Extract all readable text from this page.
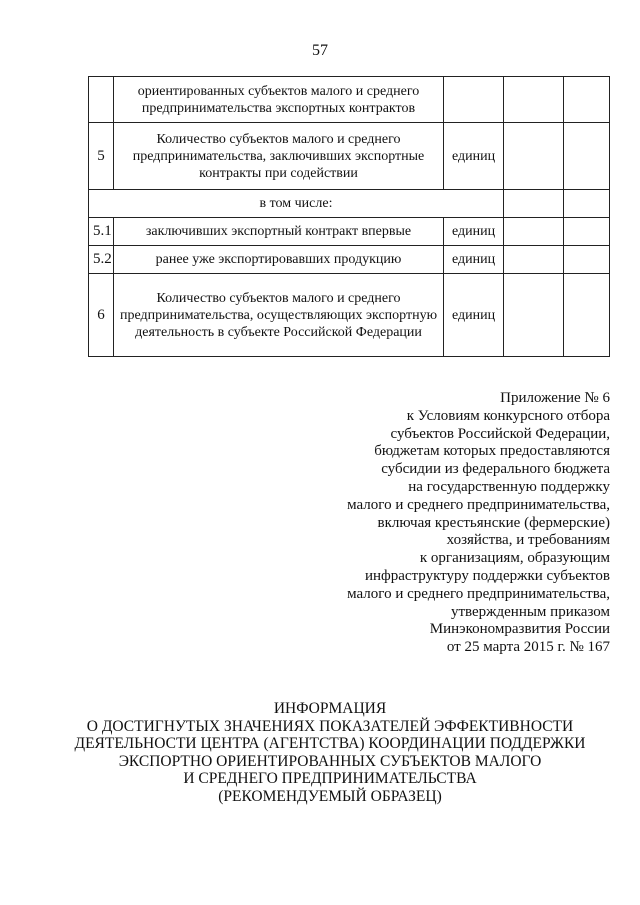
57
	ориентированных субъектов малого и среднего предпринимательства экспортных контрактов			
5	Количество субъектов малого и среднего предпринимательства, заключивших экспортные контракты при содействии	единиц		
в том числе:				
5.1	заключивших экспортный контракт впервые	единиц		
5.2	ранее уже экспортировавших продукцию	единиц		
6	Количество субъектов малого и среднего предпринимательства, осуществляющих экспортную деятельность в субъекте Российской Федерации	единиц		
Приложение № 6
к Условиям конкурсного отбора
субъектов Российской Федерации,
бюджетам которых предоставляются
субсидии из федерального бюджета
на государственную поддержку
малого и среднего предпринимательства,
включая крестьянские (фермерские)
хозяйства, и требованиям
к организациям, образующим
инфраструктуру поддержки субъектов
малого и среднего предпринимательства,
утвержденным приказом
Минэкономразвития России
от 25 марта 2015 г. № 167
ИНФОРМАЦИЯ
О ДОСТИГНУТЫХ ЗНАЧЕНИЯХ ПОКАЗАТЕЛЕЙ ЭФФЕКТИВНОСТИ
ДЕЯТЕЛЬНОСТИ ЦЕНТРА (АГЕНТСТВА) КООРДИНАЦИИ ПОДДЕРЖКИ
ЭКСПОРТНО ОРИЕНТИРОВАННЫХ СУБЪЕКТОВ МАЛОГО
И СРЕДНЕГО ПРЕДПРИНИМАТЕЛЬСТВА
(РЕКОМЕНДУЕМЫЙ ОБРАЗЕЦ)
